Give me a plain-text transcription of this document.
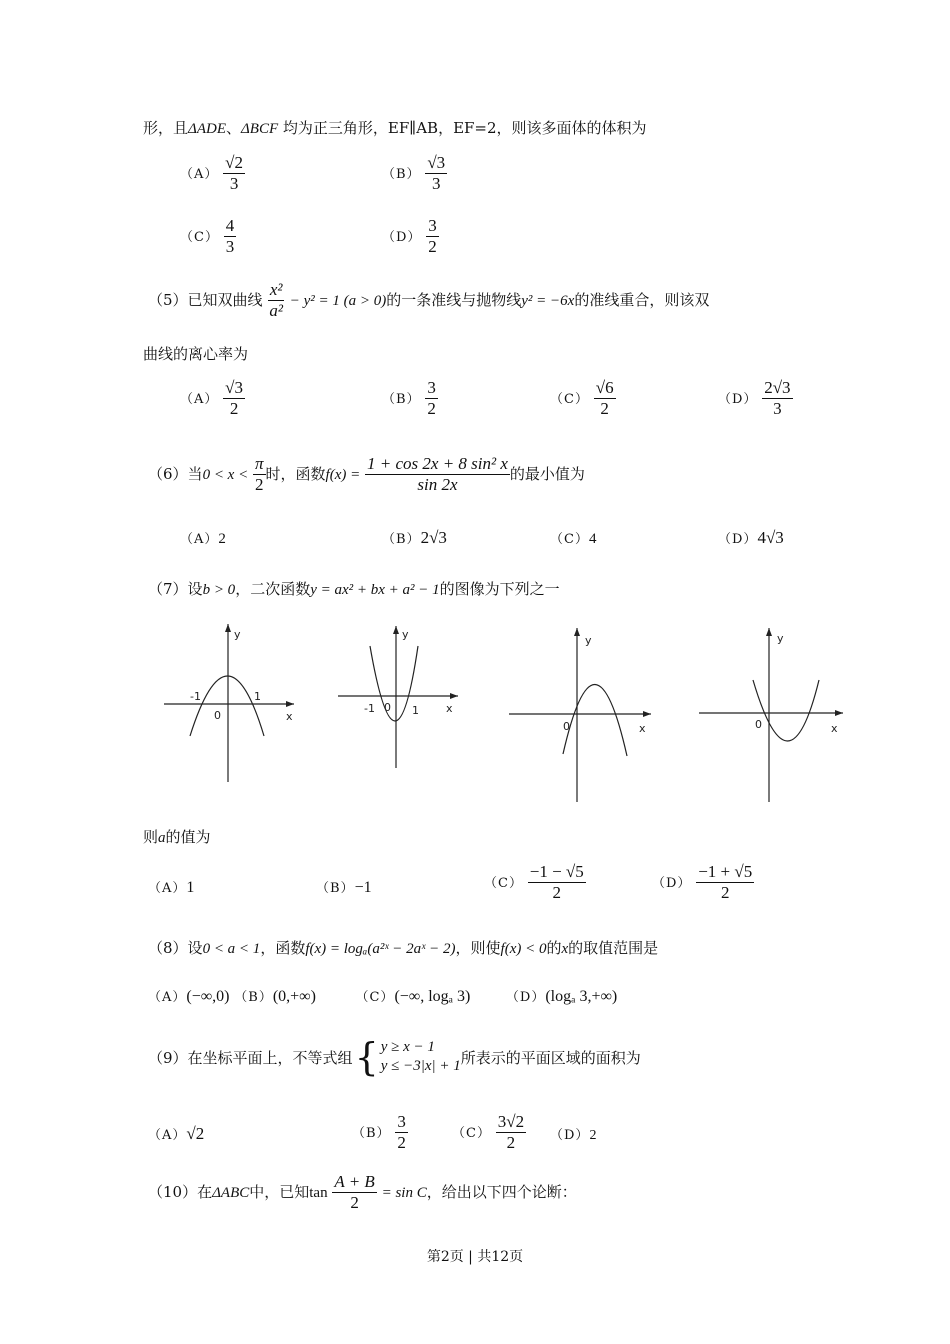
形，且ΔADE、ΔBCF 均为正三角形，EF∥AB，EF=2，则该多面体的体积为
$(A) \frac{√2}{3}$	$(B) \frac{√3}{3}$
$(C) \frac{4}{3}$	$(D) \frac{3}{2}$
（5）已知双曲线 $\frac{\text{x²}}{\text{a²}} - y^2 = 1$ (a > 0)的一条准线与抛物线y² = −6x的准线重合，则该双
曲线的离心率为
$(A) \frac{√3}{2}$	$(B) \frac{3}{2}$	$(C) \frac{√6}{2}$	$(D) \frac{2√3}{3}$
（6）当$0 < x < \frac{\pi}{2}$ 时，函数$f(x) = \frac{\text{1 + cos 2x + 8 sin² x}}{\sin 2x}$ 的最小值为
（A）2	（B）2√3	（C）4	（D）4√3
（7）设b > 0，二次函数y = ax² + bx + a² − 1的图像为下列之一
y
x
0
-1	1
y
x
0
-1	1
y
x
0
y
x
0
则a的值为
（A）1	（B）−1	$(C) \frac{-1 - √5}{2}$	$(D) \frac{-1 + √5}{2}$
（8）设0 < a < 1，函数f(x) = logₐ(a²ˣ − 2aˣ − 2)，则使f(x) < 0的x的取值范围是
（A）(−∞,0) （B）(0,+∞)	（C）(−∞, logₐ 3)	（D）(logₐ 3,+∞)
（9） 在坐标平面上，不等式组 { y ≥ x − 1
y ≤ −3|x| + 1 所表示的平面区域的面积为
（A）√2	$(B) \frac{3}{2}$	$(C) \frac{3√2}{2} (D)2$
（10）在ΔABC中，已知$\tan \frac{A + B}{2} = \sin C$，给出以下四个论断：
第2页 | 共12页
